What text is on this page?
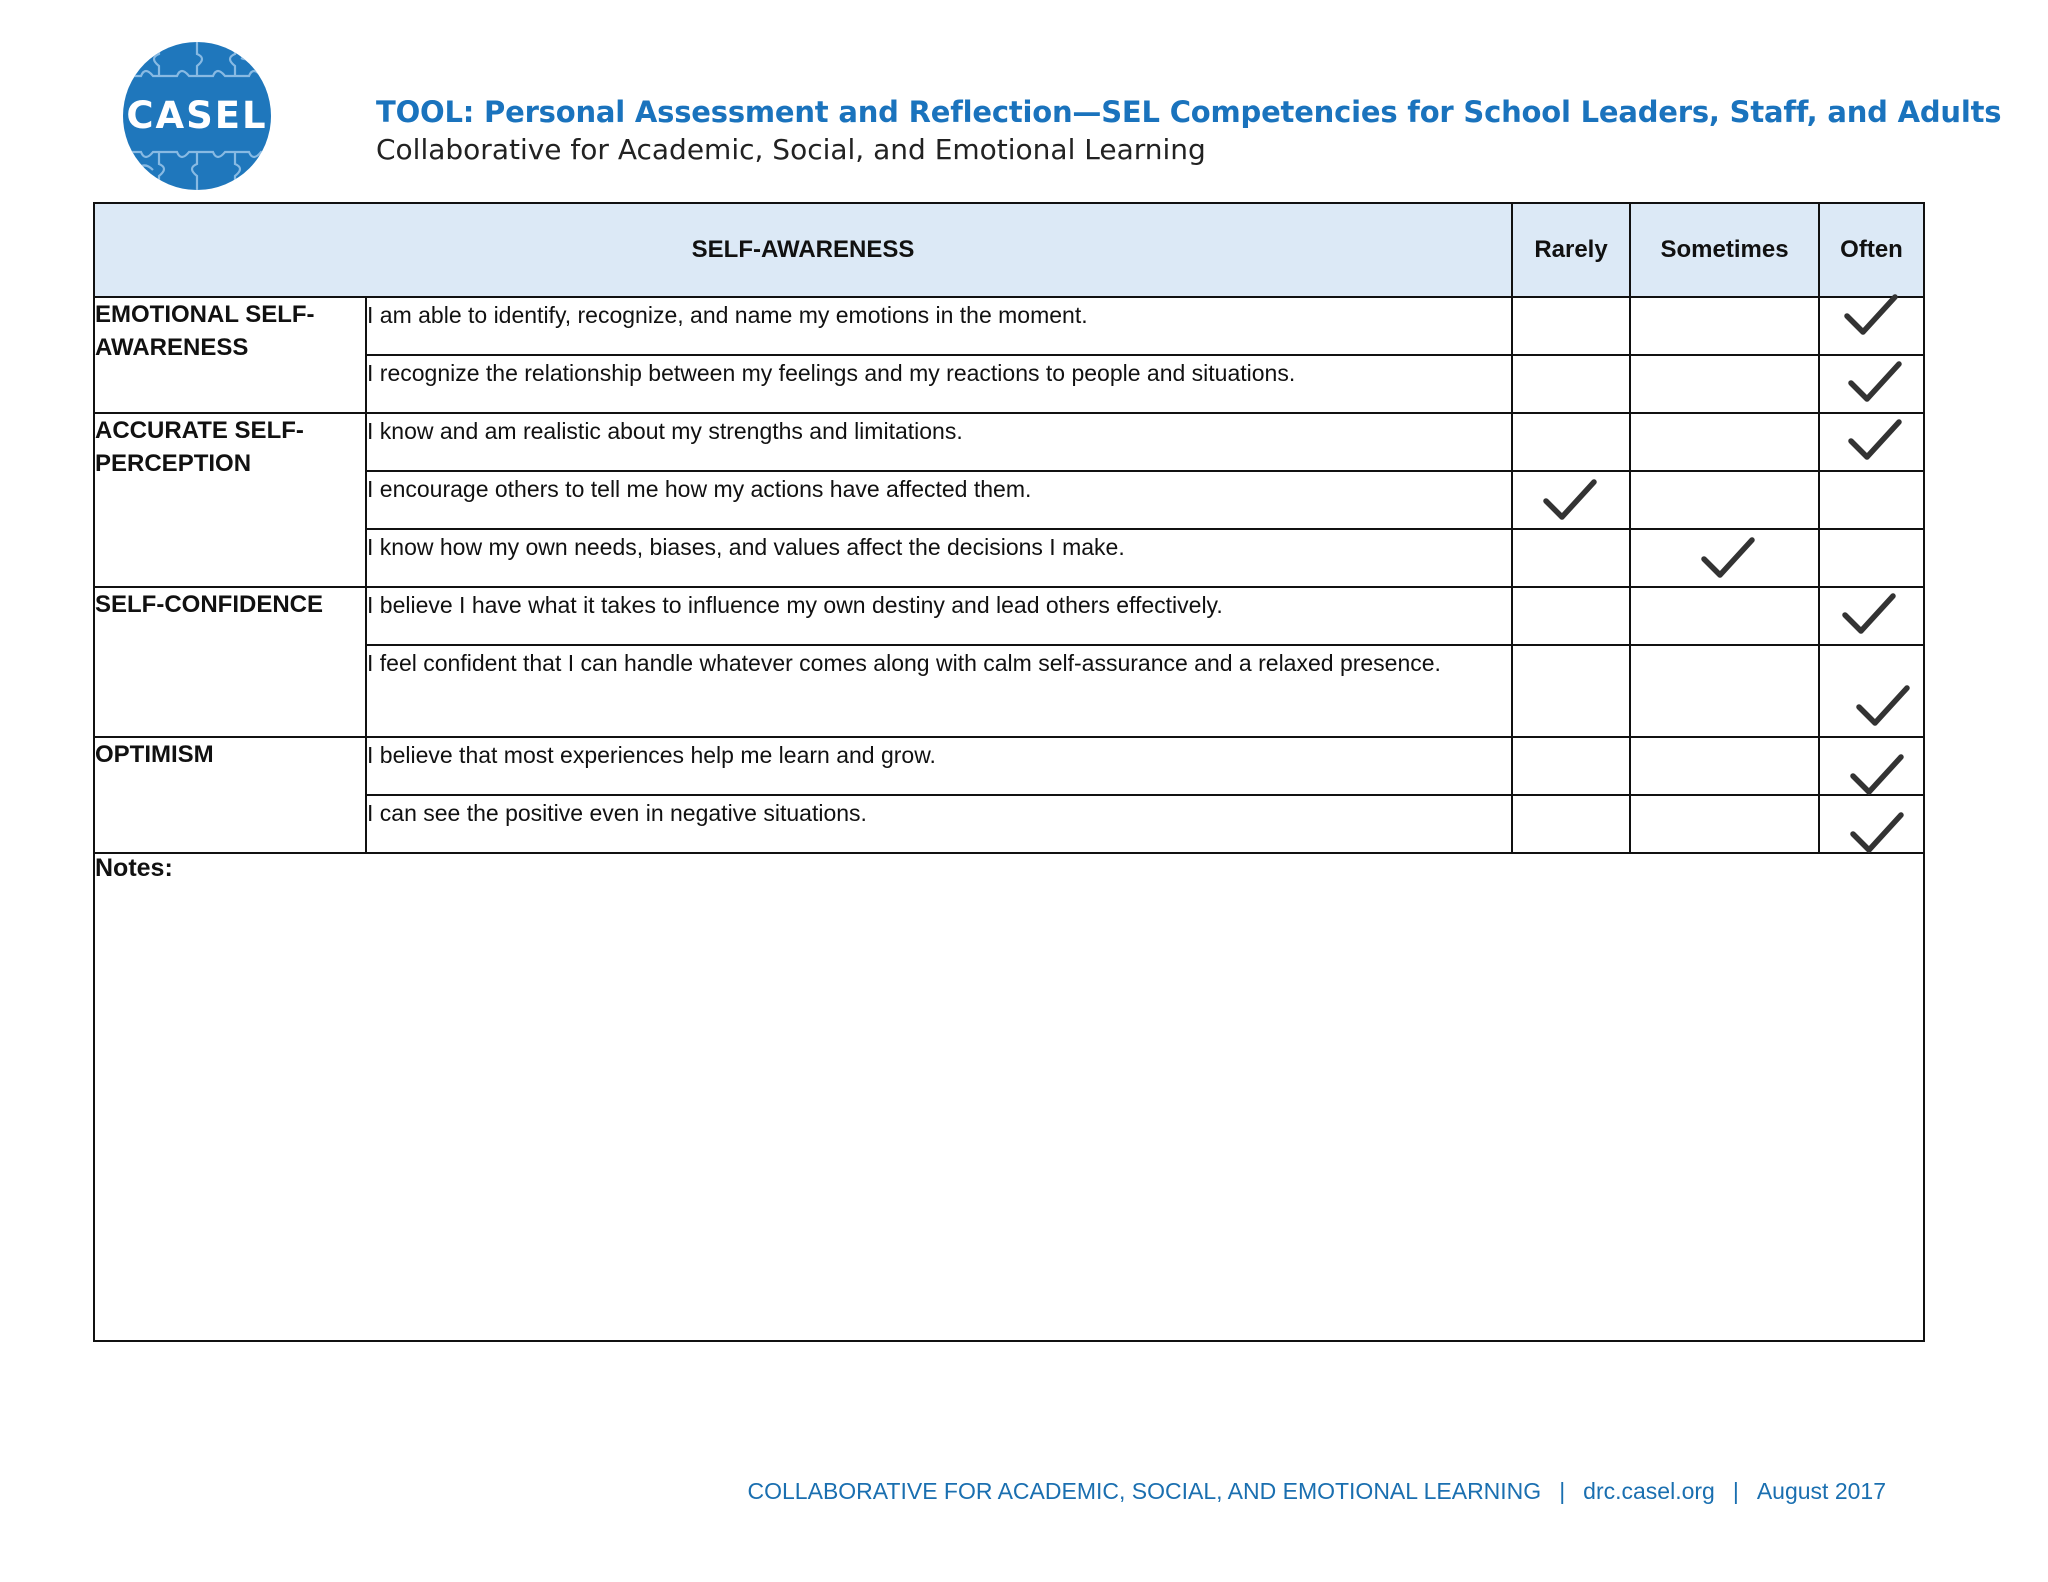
CASEL	TOOL: Personal Assessment and Reflection—SEL Competencies for School Leaders, Staff, and Adults
Collaborative for Academic, Social, and Emotional Learning
SELF-AWARENESS		Rarely	Sometimes	Often
EMOTIONAL SELF-AWARENESS	I am able to identify, recognize, and name my emotions in the moment.			

	I recognize the relationship between my feelings and my reactions to people and situations.			

ACCURATE SELF-PERCEPTION	I know and am realistic about my strengths and limitations.			

	I encourage others to tell me how my actions have affected them.	

	I know how my own needs, biases, and values affect the decisions I make.		

SELF-CONFIDENCE	I believe I have what it takes to influence my own destiny and lead others effectively.			

	I feel confident that I can handle whatever comes along with calm self-assurance and a relaxed presence.			

OPTIMISM	I believe that most experiences help me learn and grow.			

	I can see the positive even in negative situations.			

Notes:				
COLLABORATIVE FOR ACADEMIC, SOCIAL, AND EMOTIONAL LEARNING | drc.casel.org | August 2017
